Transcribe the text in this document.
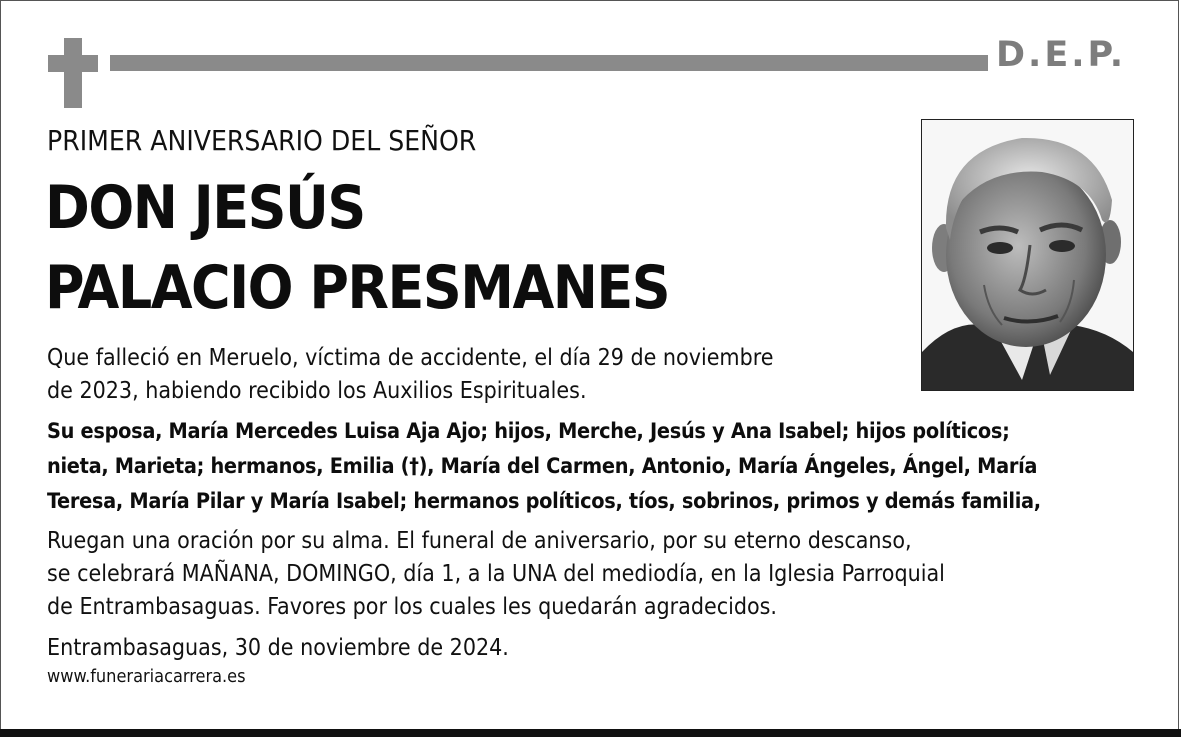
D.E.P.
PRIMER ANIVERSARIO DEL SEÑOR
DON JESÚS
PALACIO PRESMANES
Que falleció en Meruelo, víctima de accidente, el día 29 de noviembre
de 2023, habiendo recibido los Auxilios Espirituales.
Su esposa, María Mercedes Luisa Aja Ajo; hijos, Merche, Jesús y Ana Isabel; hijos políticos;
nieta, Marieta; hermanos, Emilia (†), María del Carmen, Antonio, María Ángeles, Ángel, María
Teresa, María Pilar y María Isabel; hermanos políticos, tíos, sobrinos, primos y demás familia,
Ruegan una oración por su alma. El funeral de aniversario, por su eterno descanso,
se celebrará MAÑANA, DOMINGO, día 1, a la UNA del mediodía, en la Iglesia Parroquial
de Entrambasaguas. Favores por los cuales les quedarán agradecidos.
Entrambasaguas, 30 de noviembre de 2024.
www.funerariacarrera.es
